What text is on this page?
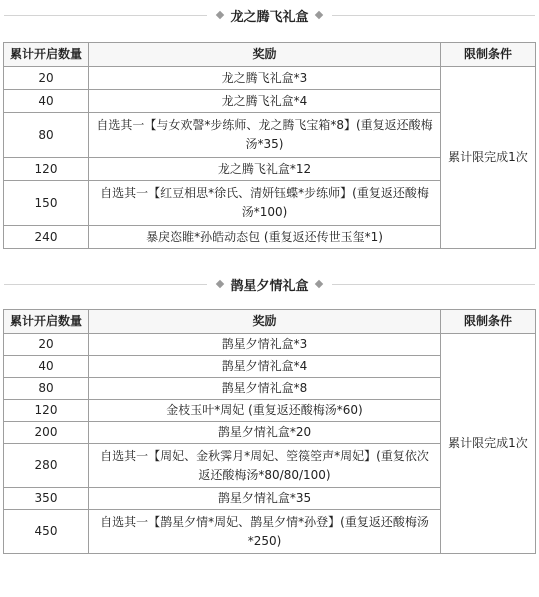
龙之腾飞礼盒
累计开启数量	奖励	限制条件
20	龙之腾飞礼盒*3	累计限完成1次
40	龙之腾飞礼盒*4	
80	自选其一【与女欢謦*步练师、龙之腾飞宝箱*8】(重复返还酸梅汤*35)	
120	龙之腾飞礼盒*12	
150	自选其一【红豆相思*徐氏、清妍钰蝶*步练师】(重复返还酸梅汤*100)	
240	暴戾恣睢*孙皓动态包 (重复返还传世玉玺*1)	
鹊星夕情礼盒
累计开启数量	奖励	限制条件
20	鹊星夕情礼盒*3	累计限完成1次
40	鹊星夕情礼盒*4	
80	鹊星夕情礼盒*8	
120	金枝玉叶*周妃 (重复返还酸梅汤*60)	
200	鹊星夕情礼盒*20	
280	自选其一【周妃、金秋霁月*周妃、箜篌箜声*周妃】(重复依次返还酸梅汤*80/80/100)	
350	鹊星夕情礼盒*35	
450	自选其一【鹊星夕情*周妃、鹊星夕情*孙登】(重复返还酸梅汤*250)	
